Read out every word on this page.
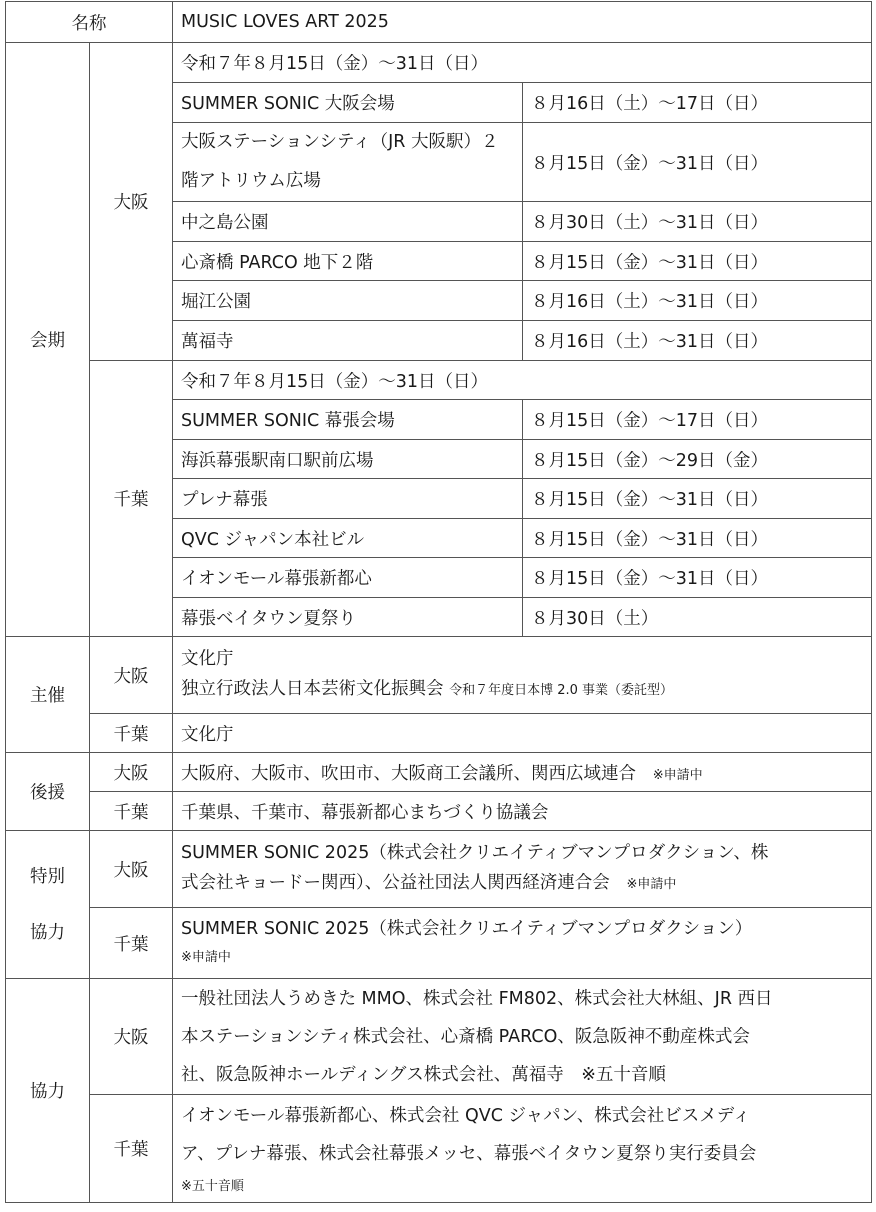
名称		MUSIC LOVES ART 2025	
会期	大阪	令和７年８月15日（金）～31日（日）	
		SUMMER SONIC 大阪会場	８月16日（土）～17日（日）
		大阪ステーションシティ（JR 大阪駅）２階アトリウム広場	８月15日（金）～31日（日）
		中之島公園	８月30日（土）～31日（日）
		心斎橋 PARCO 地下２階	８月15日（金）～31日（日）
		堀江公園	８月16日（土）～31日（日）
		萬福寺	８月16日（土）～31日（日）
	千葉	令和７年８月15日（金）～31日（日）	
		SUMMER SONIC 幕張会場	８月15日（金）～17日（日）
		海浜幕張駅南口駅前広場	８月15日（金）～29日（金）
		プレナ幕張	８月15日（金）～31日（日）
		QVC ジャパン本社ビル	８月15日（金）～31日（日）
		イオンモール幕張新都心	８月15日（金）～31日（日）
		幕張ベイタウン夏祭り	８月30日（土）
主催	大阪	文化庁
独立行政法人日本芸術文化振興会 令和７年度日本博 2.0 事業（委託型）	

	千葉	文化庁	
後援	大阪	大阪府、大阪市、吹田市、大阪商工会議所、関西広域連合 ※申請中	
	千葉	千葉県、千葉市、幕張新都心まちづくり協議会	

特別
協力	大阪	SUMMER SONIC 2025（株式会社クリエイティブマンプロダクション、株
式会社キョードー関西）、公益社団法人関西経済連合会 ※申請中	

	千葉	SUMMER SONIC 2025（株式会社クリエイティブマンプロダクション）
※申請中	

協力	大阪	一般社団法人うめきた MMO、株式会社 FM802、株式会社大林組、JR 西日
本ステーションシティ株式会社、心斎橋 PARCO、阪急阪神不動産株式会
社、阪急阪神ホールディングス株式会社、萬福寺　※五十音順	

	千葉	イオンモール幕張新都心、株式会社 QVC ジャパン、株式会社ビスメディ
ア、プレナ幕張、株式会社幕張メッセ、幕張ベイタウン夏祭り実行委員会
※五十音順	
